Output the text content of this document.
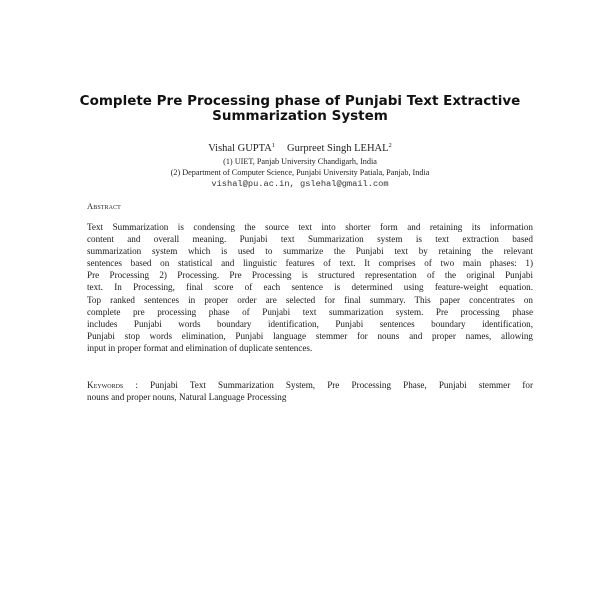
Complete Pre Processing phase of Punjabi Text Extractive
Summarization System
Vishal GUPTA$^1$ Gurpreet Singh LEHAL$^2$
(1) UIET, Panjab University Chandigarh, India
(2) Department of Computer Science, Punjabi University Patiala, Panjab, India
vishal@pu.ac.in, gslehal@gmail.com
Abstract
Text Summarization is condensing the source text into shorter form and retaining its information
content and overall meaning. Punjabi text Summarization system is text extraction based
summarization system which is used to summarize the Punjabi text by retaining the relevant
sentences based on statistical and linguistic features of text. It comprises of two main phases: 1)
Pre Processing 2) Processing. Pre Processing is structured representation of the original Punjabi
text. In Processing, final score of each sentence is determined using feature-weight equation.
Top ranked sentences in proper order are selected for final summary. This paper concentrates on
complete pre processing phase of Punjabi text summarization system. Pre processing phase
includes Punjabi words boundary identification, Punjabi sentences boundary identification,
Punjabi stop words elimination, Punjabi language stemmer for nouns and proper names, allowing
input in proper format and elimination of duplicate sentences.
Keywords : Punjabi Text Summarization System, Pre Processing Phase, Punjabi stemmer for
nouns and proper nouns, Natural Language Processing
